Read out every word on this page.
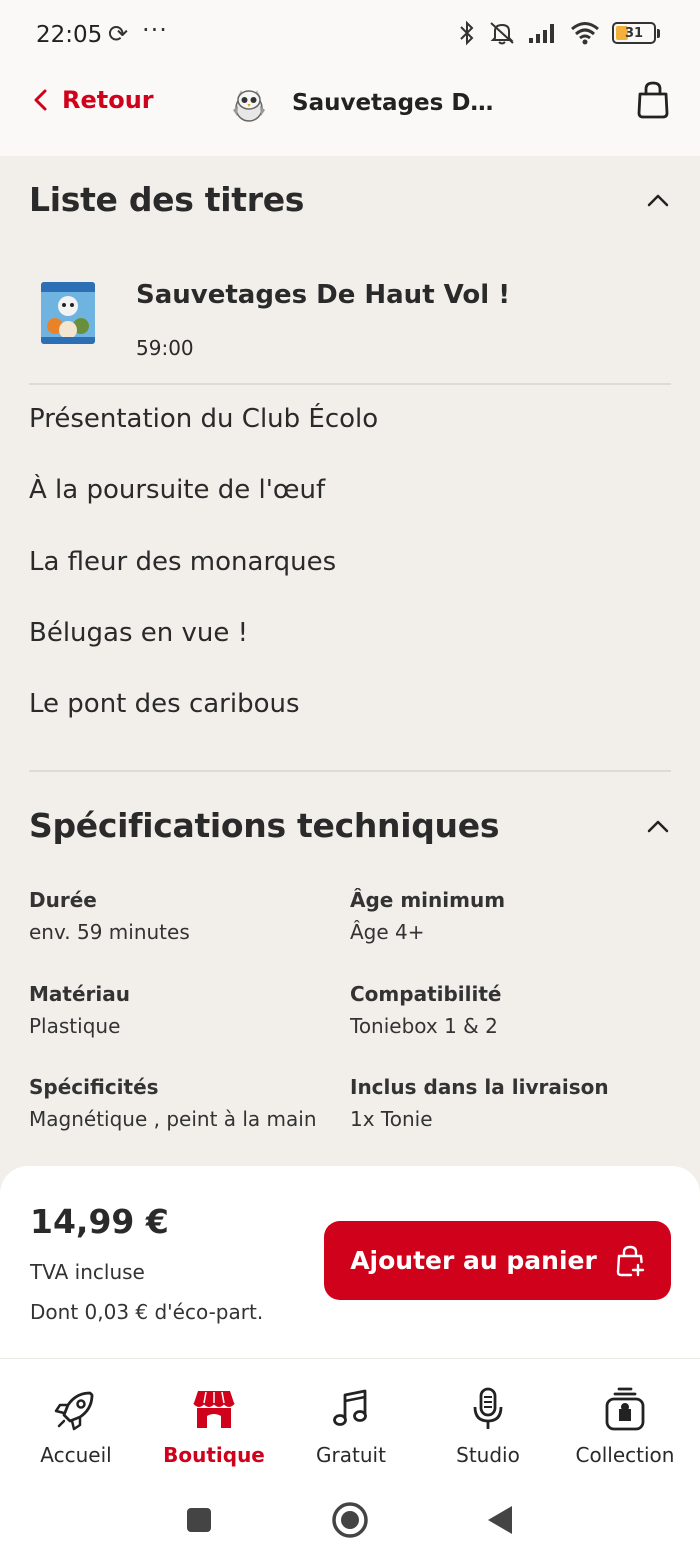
22:05 ⟳ ···	31
Retour	Sauvetages D…
Liste des titres
Sauvetages De Haut Vol !
59:00
Présentation du Club Écolo
À la poursuite de l'œuf
La fleur des monarques
Bélugas en vue !
Le pont des caribous
Spécifications techniques
Durée
env. 59 minutes
Âge minimum
Âge 4+
Matériau
Plastique
Compatibilité
Toniebox 1 & 2
Spécificités
Magnétique , peint à la main
Inclus dans la livraison
1x Tonie
14,99 €
TVA incluse
Dont 0,03 € d'éco-part.
Ajouter au panier
Accueil	Boutique	Gratuit	Studio	Collection
